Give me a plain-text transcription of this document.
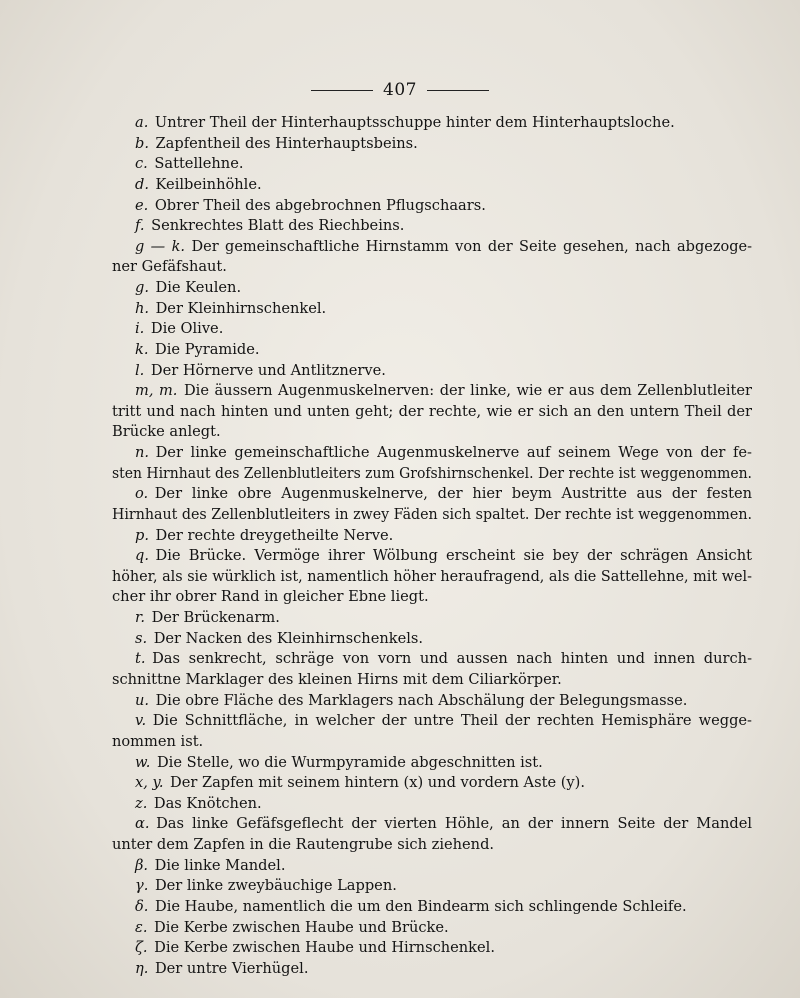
407
a. Untrer Theil der Hinterhauptsschuppe hinter dem Hinterhauptsloche.
b. Zapfentheil des Hinterhauptsbeins.
c. Sattellehne.
d. Keilbeinhöhle.
e. Obrer Theil des abgebrochnen Pflugschaars.
f. Senkrechtes Blatt des Riechbeins.
g — k. Der gemeinschaftliche Hirnstamm von der Seite gesehen, nach abgezoge-
ner Gefäfshaut.
g. Die Keulen.
h. Der Kleinhirnschenkel.
i. Die Olive.
k. Die Pyramide.
l. Der Hörnerve und Antlitznerve.
m, m. Die äussern Augenmuskelnerven: der linke, wie er aus dem Zellenblutleiter
tritt und nach hinten und unten geht; der rechte, wie er sich an den untern Theil der
Brücke anlegt.
n. Der linke gemeinschaftliche Augenmuskelnerve auf seinem Wege von der fe-
sten Hirnhaut des Zellenblutleiters zum Grofshirnschenkel. Der rechte ist weggenommen.
o. Der linke obre Augenmuskelnerve, der hier beym Austritte aus der festen
Hirnhaut des Zellenblutleiters in zwey Fäden sich spaltet. Der rechte ist weggenommen.
p. Der rechte dreygetheilte Nerve.
q. Die Brücke. Vermöge ihrer Wölbung erscheint sie bey der schrägen Ansicht
höher, als sie würklich ist, namentlich höher heraufragend, als die Sattellehne, mit wel-
cher ihr obrer Rand in gleicher Ebne liegt.
r. Der Brückenarm.
s. Der Nacken des Kleinhirnschenkels.
t. Das senkrecht, schräge von vorn und aussen nach hinten und innen durch-
schnittne Marklager des kleinen Hirns mit dem Ciliarkörper.
u. Die obre Fläche des Marklagers nach Abschälung der Belegungsmasse.
v. Die Schnittfläche, in welcher der untre Theil der rechten Hemisphäre wegge-
nommen ist.
w. Die Stelle, wo die Wurmpyramide abgeschnitten ist.
x, y. Der Zapfen mit seinem hintern (x) und vordern Aste (y).
z. Das Knötchen.
α. Das linke Gefäfsgeflecht der vierten Höhle, an der innern Seite der Mandel
unter dem Zapfen in die Rautengrube sich ziehend.
β. Die linke Mandel.
γ. Der linke zweybäuchige Lappen.
δ. Die Haube, namentlich die um den Bindearm sich schlingende Schleife.
ε. Die Kerbe zwischen Haube und Brücke.
ζ. Die Kerbe zwischen Haube und Hirnschenkel.
η. Der untre Vierhügel.
